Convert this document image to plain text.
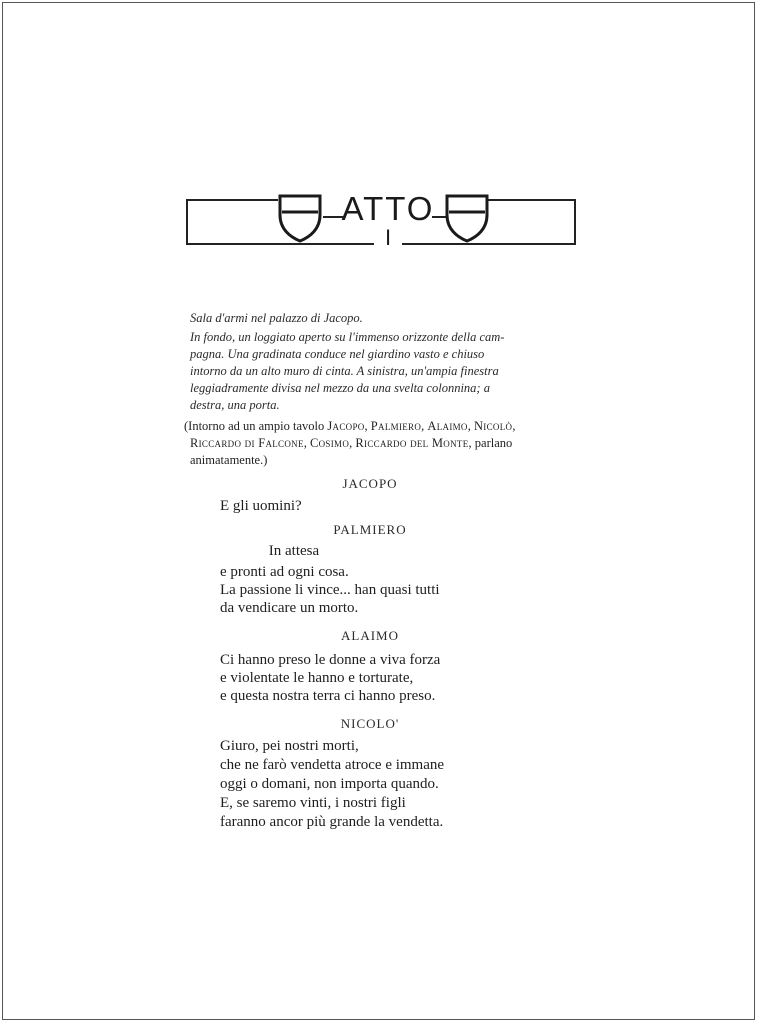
ATTO
I
Sala d'armi nel palazzo di Jacopo.
In fondo, un loggiato aperto su l'immenso orizzonte della cam-
pagna. Una gradinata conduce nel giardino vasto e chiuso
intorno da un alto muro di cinta. A sinistra, un'ampia finestra
leggiadramente divisa nel mezzo da una svelta colonnina; a
destra, una porta.
(Intorno ad un ampio tavolo Jacopo, Palmiero, Alaimo, Nicolò, Riccardo di Falcone, Cosimo, Riccardo del Monte, parlano animatamente.)
JACOPO
E gli uomini?
PALMIERO
In attesa
e pronti ad ogni cosa.
La passione li vince... han quasi tutti
da vendicare un morto.
ALAIMO
Ci hanno preso le donne a viva forza
e violentate le hanno e torturate,
e questa nostra terra ci hanno preso.
NICOLO'
Giuro, pei nostri morti,
che ne farò vendetta atroce e immane
oggi o domani, non importa quando.
E, se saremo vinti, i nostri figli
faranno ancor più grande la vendetta.
